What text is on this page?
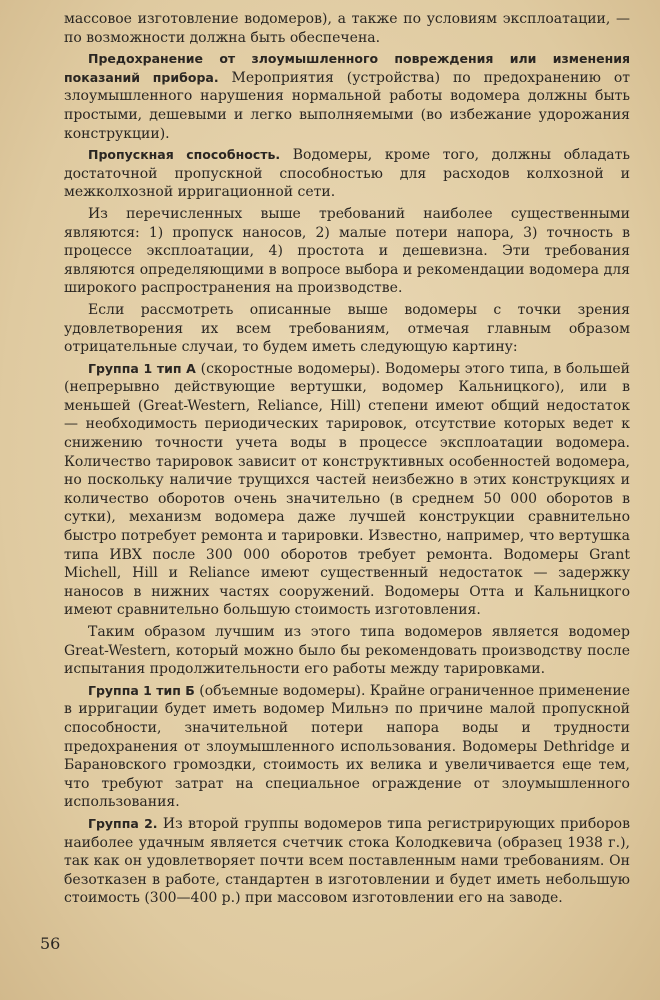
массовое изготовление водомеров), а также по условиям эксплоатации, — по возможности должна быть обеспечена.

Предохранение от злоумышленного повреждения или изменения показаний прибора. Мероприятия (устройства) по предохранению от злоумышленного нарушения нормальной работы водомера должны быть простыми, дешевыми и легко выполняемыми (во избежание удорожания конструкции).

Пропускная способность. Водомеры, кроме того, должны обладать достаточной пропускной способностью для расходов колхозной и межколхозной ирригационной сети.

Из перечисленных выше требований наиболее существенными являются: 1) пропуск наносов, 2) малые потери напора, 3) точность в процессе эксплоатации, 4) простота и дешевизна. Эти требования являются определяющими в вопросе выбора и рекомендации водомера для широкого распространения на производстве.

Если рассмотреть описанные выше водомеры с точки зрения удовлетворения их всем требованиям, отмечая главным образом отрицательные случаи, то будем иметь следующую картину:

Группа 1 тип А (скоростные водомеры). Водомеры этого типа, в большей (непрерывно действующие вертушки, водомер Кальницкого), или в меньшей (Great-Western, Reliance, Hill) степени имеют общий недостаток — необходимость периодических тарировок, отсутствие которых ведет к снижению точности учета воды в процессе эксплоатации водомера. Количество тарировок зависит от конструктивных особенностей водомера, но поскольку наличие трущихся частей неизбежно в этих конструкциях и количество оборотов очень значительно (в среднем 50 000 оборотов в сутки), механизм водомера даже лучшей конструкции сравнительно быстро потребует ремонта и тарировки. Известно, например, что вертушка типа ИВХ после 300 000 оборотов требует ремонта. Водомеры Grant Michell, Hill и Reliance имеют существенный недостаток — задержку наносов в нижних частях сооружений. Водомеры Отта и Кальницкого имеют сравнительно большую стоимость изготовления.

Таким образом лучшим из этого типа водомеров является водомер Great-Western, который можно было бы рекомендовать производству после испытания продолжительности его работы между тарировками.

Группа 1 тип Б (объемные водомеры). Крайне ограниченное применение в ирригации будет иметь водомер Мильнэ по причине малой пропускной способности, значительной потери напора воды и трудности предохранения от злоумышленного использования. Водомеры Dethridge и Барановского громоздки, стоимость их велика и увеличивается еще тем, что требуют затрат на специальное ограждение от злоумышленного использования.

Группа 2. Из второй группы водомеров типа регистрирующих приборов наиболее удачным является счетчик стока Колодкевича (образец 1938 г.), так как он удовлетворяет почти всем поставленным нами требованиям. Он безотказен в работе, стандартен в изготовлении и будет иметь небольшую стоимость (300—400 р.) при массовом изготовлении его на заводе.

56
